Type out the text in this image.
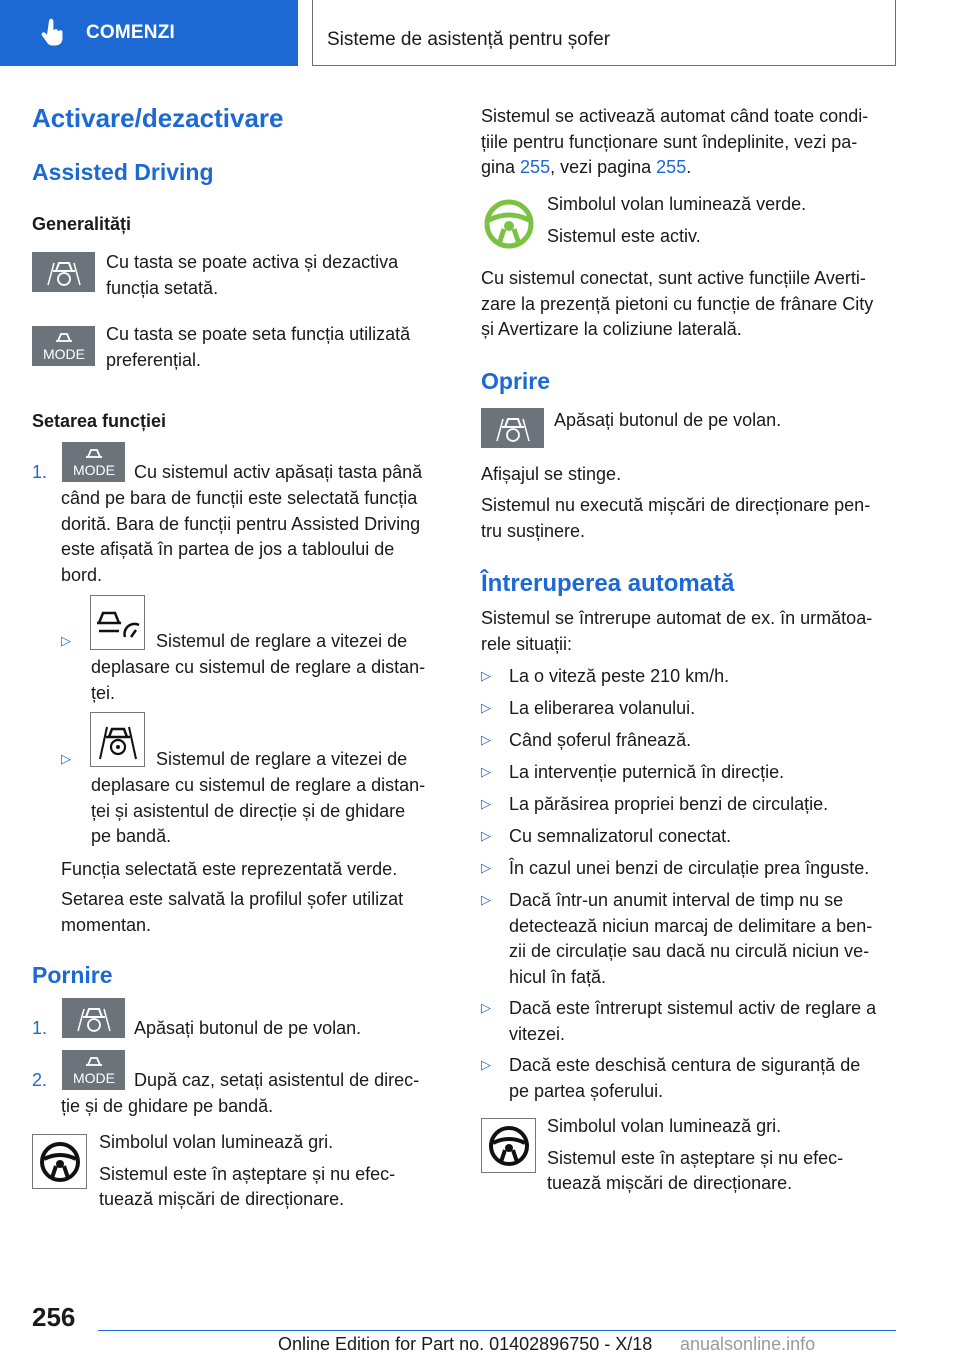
COMENZI	Sisteme de asistență pentru șofer
Activare/dezactivare
Assisted Driving
Generalități
Cu tasta se poate activa și dezactiva
funcția setată.
MODE
Cu tasta se poate seta funcția utilizată
preferențial.
Setarea funcției
1. MODE Cu sistemul activ apăsați tasta până
când pe bara de funcții este selectată funcția
dorită. Bara de funcții pentru Assisted Driving
este afișată în partea de jos a tabloului de
bord.
▷	Sistemul de reglare a vitezei de
deplasare cu sistemul de reglare a distan-
ței.
▷	Sistemul de reglare a vitezei de
deplasare cu sistemul de reglare a distan-
ței și asistentul de direcție și de ghidare
pe bandă.
Funcția selectată este reprezentată verde.
Setarea este salvată la profilul șofer utilizat
momentan.
Pornire
1.	Apăsați butonul de pe volan.
2. MODE După caz, setați asistentul de direc-
ție și de ghidare pe bandă.
Simbolul volan luminează gri.
Sistemul este în așteptare și nu efec-
tuează mișcări de direcționare.
Sistemul se activează automat când toate condi-
țiile pentru funcționare sunt îndeplinite, vezi pa-
gina 255, vezi pagina 255.
Simbolul volan luminează verde.
Sistemul este activ.
Cu sistemul conectat, sunt active funcțiile Averti-
zare la prezență pietoni cu funcție de frânare City
și Avertizare la coliziune laterală.
Oprire
Apăsați butonul de pe volan.
Afișajul se stinge.
Sistemul nu execută mișcări de direcționare pen-
tru susținere.
Întreruperea automată
Sistemul se întrerupe automat de ex. în următoa-
rele situații:
▷ La o viteză peste 210 km/h.
▷ La eliberarea volanului.
▷ Când șoferul frânează.
▷ La intervenție puternică în direcție.
▷ La părăsirea propriei benzi de circulație.
▷ Cu semnalizatorul conectat.
▷ În cazul unei benzi de circulație prea înguste.
▷ Dacă într-un anumit interval de timp nu se
detectează niciun marcaj de delimitare a ben-
zii de circulație sau dacă nu circulă niciun ve-
hicul în față.
▷ Dacă este întrerupt sistemul activ de reglare a
vitezei.
▷ Dacă este deschisă centura de siguranță de
pe partea șoferului.
Simbolul volan luminează gri.
Sistemul este în așteptare și nu efec-
tuează mișcări de direcționare.
256
Online Edition for Part no. 01402896750 - X/18 anualsonline.info
